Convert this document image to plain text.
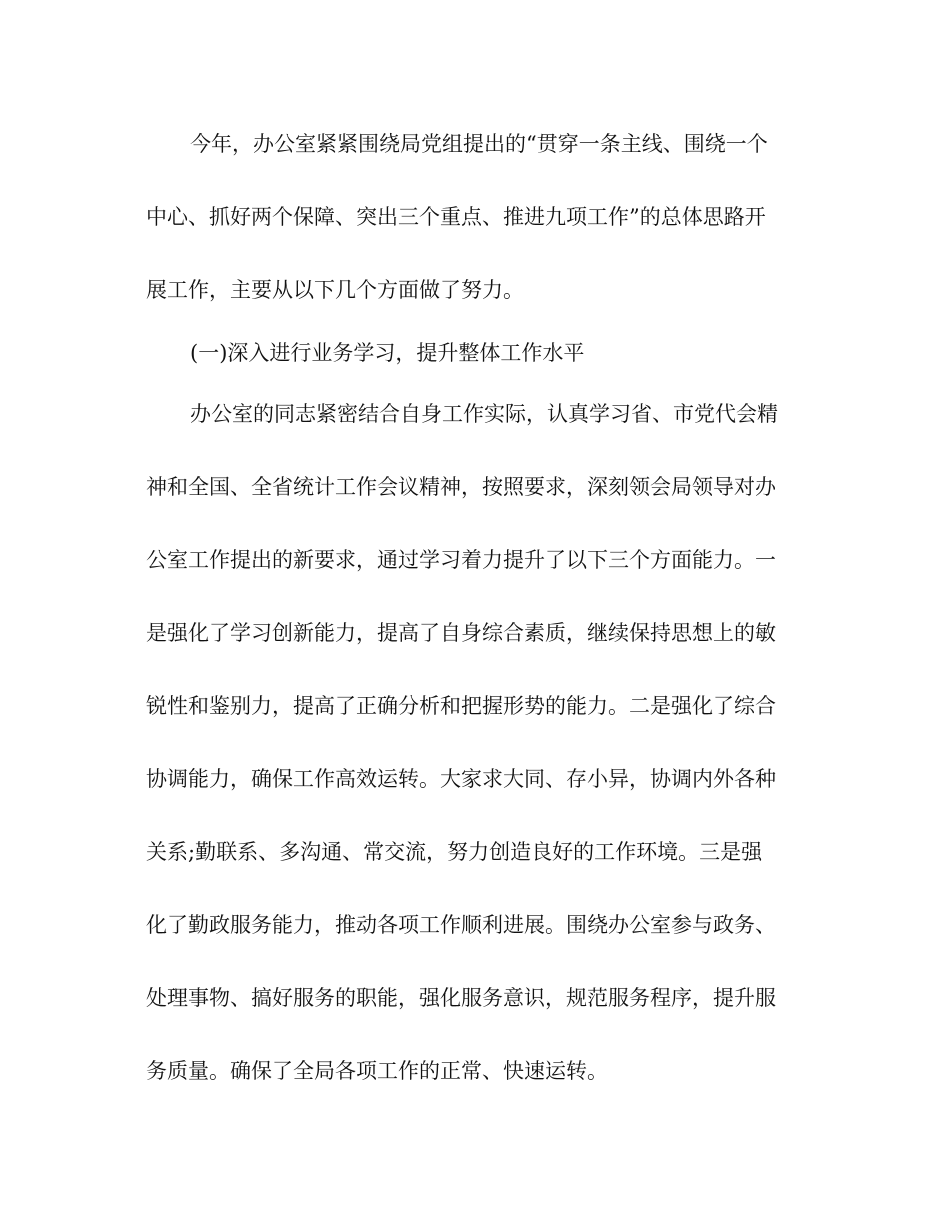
今年，办公室紧紧围绕局党组提出的“贯穿一条主线、围绕一个
中心、抓好两个保障、突出三个重点、推进九项工作”的总体思路开
展工作，主要从以下几个方面做了努力。
(一)深入进行业务学习，提升整体工作水平
办公室的同志紧密结合自身工作实际，认真学习省、市党代会精
神和全国、全省统计工作会议精神，按照要求，深刻领会局领导对办
公室工作提出的新要求，通过学习着力提升了以下三个方面能力。一
是强化了学习创新能力，提高了自身综合素质，继续保持思想上的敏
锐性和鉴别力，提高了正确分析和把握形势的能力。二是强化了综合
协调能力，确保工作高效运转。大家求大同、存小异，协调内外各种
关系;勤联系、多沟通、常交流，努力创造良好的工作环境。三是强
化了勤政服务能力，推动各项工作顺利进展。围绕办公室参与政务、
处理事物、搞好服务的职能，强化服务意识，规范服务程序，提升服
务质量。确保了全局各项工作的正常、快速运转。
